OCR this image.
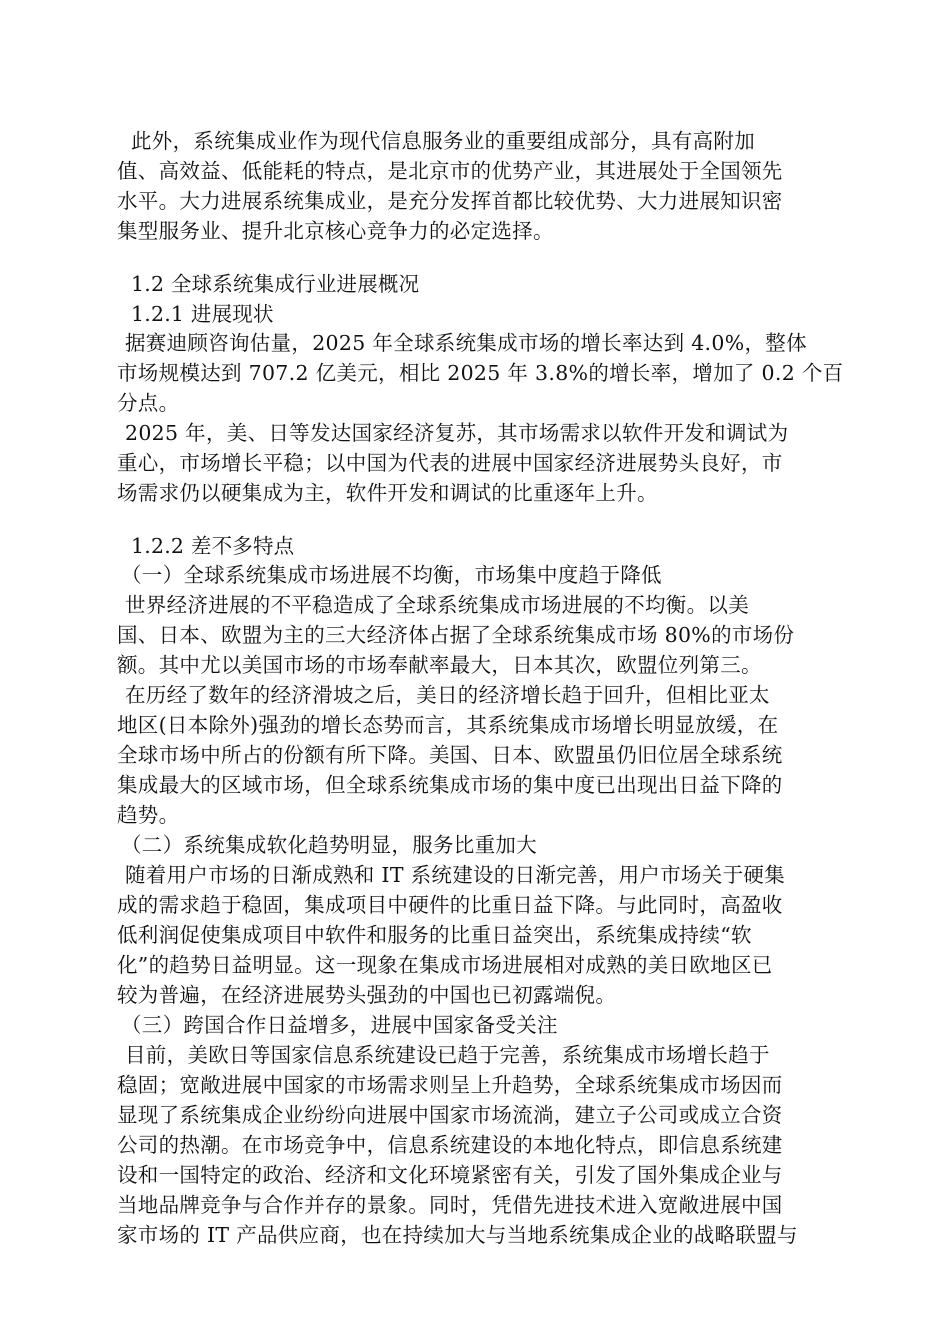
此外，系统集成业作为现代信息服务业的重要组成部分，具有高附加
值、高效益、低能耗的特点，是北京市的优势产业，其进展处于全国领先
水平。大力进展系统集成业，是充分发挥首都比较优势、大力进展知识密
集型服务业、提升北京核心竞争力的必定选择。
1.2 全球系统集成行业进展概况
1.2.1 进展现状
据赛迪顾咨询估量，2025 年全球系统集成市场的增长率达到 4.0%，整体
市场规模达到 707.2 亿美元，相比 2025 年 3.8%的增长率，增加了 0.2 个百
分点。
2025 年，美、日等发达国家经济复苏，其市场需求以软件开发和调试为
重心，市场增长平稳；以中国为代表的进展中国家经济进展势头良好，市
场需求仍以硬集成为主，软件开发和调试的比重逐年上升。
1.2.2 差不多特点
（一）全球系统集成市场进展不均衡，市场集中度趋于降低
世界经济进展的不平稳造成了全球系统集成市场进展的不均衡。以美
国、日本、欧盟为主的三大经济体占据了全球系统集成市场 80%的市场份
额。其中尤以美国市场的市场奉献率最大，日本其次，欧盟位列第三。
在历经了数年的经济滑坡之后，美日的经济增长趋于回升，但相比亚太
地区(日本除外)强劲的增长态势而言，其系统集成市场增长明显放缓，在
全球市场中所占的份额有所下降。美国、日本、欧盟虽仍旧位居全球系统
集成最大的区域市场，但全球系统集成市场的集中度已出现出日益下降的
趋势。
（二）系统集成软化趋势明显，服务比重加大
随着用户市场的日渐成熟和 IT 系统建设的日渐完善，用户市场关于硬集
成的需求趋于稳固，集成项目中硬件的比重日益下降。与此同时，高盈收
低利润促使集成项目中软件和服务的比重日益突出，系统集成持续“软
化”的趋势日益明显。这一现象在集成市场进展相对成熟的美日欧地区已
较为普遍，在经济进展势头强劲的中国也已初露端倪。
（三）跨国合作日益增多，进展中国家备受关注
目前，美欧日等国家信息系统建设已趋于完善，系统集成市场增长趋于
稳固；宽敞进展中国家的市场需求则呈上升趋势，全球系统集成市场因而
显现了系统集成企业纷纷向进展中国家市场流淌，建立子公司或成立合资
公司的热潮。在市场竞争中，信息系统建设的本地化特点，即信息系统建
设和一国特定的政治、经济和文化环境紧密有关，引发了国外集成企业与
当地品牌竞争与合作并存的景象。同时，凭借先进技术进入宽敞进展中国
家市场的 IT 产品供应商，也在持续加大与当地系统集成企业的战略联盟与
